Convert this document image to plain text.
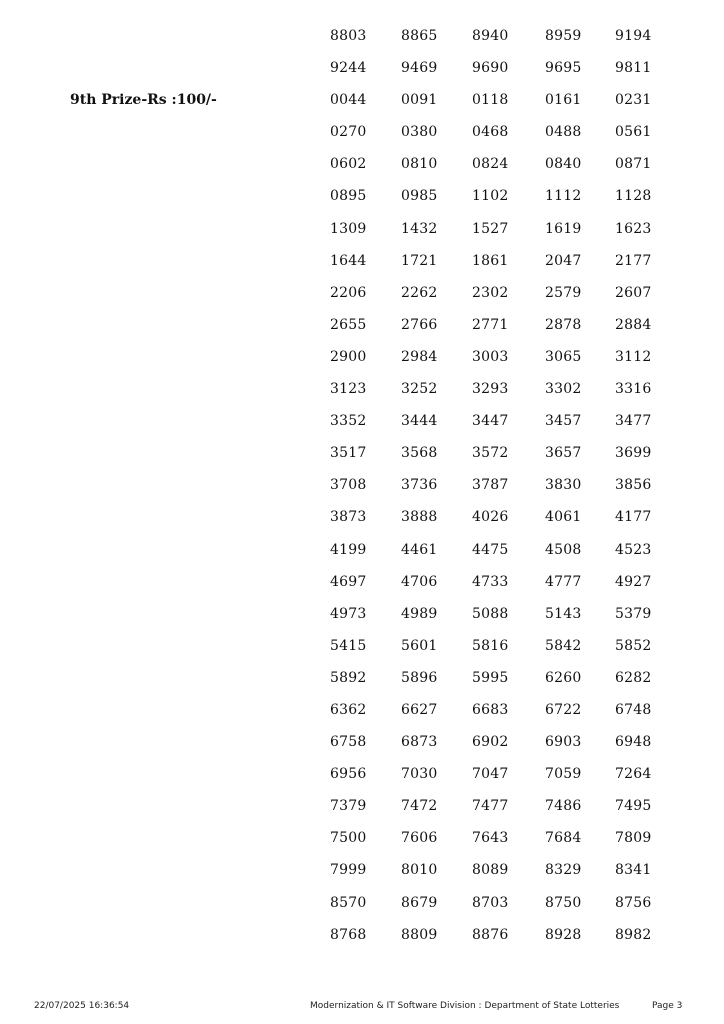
9th Prize-Rs :100/-
8803 8865 8940	8959 9194
9244 9469 9690	9695 9811
0044 0091 0118	0161 0231
0270 0380 0468	0488 0561
0602 0810 0824	0840 0871
0895 0985 1102	1112 1128
1309 1432 1527	1619 1623
1644 1721 1861	2047 2177
2206 2262 2302	2579 2607
2655 2766 2771	2878 2884
2900 2984 3003	3065 3112
3123 3252 3293	3302 3316
3352 3444 3447	3457 3477
3517 3568 3572	3657 3699
3708 3736 3787	3830 3856
3873 3888 4026	4061 4177
4199 4461 4475	4508 4523
4697 4706 4733	4777 4927
4973 4989 5088	5143 5379
5415 5601 5816	5842 5852
5892 5896 5995	6260 6282
6362 6627 6683	6722 6748
6758 6873 6902	6903 6948
6956 7030 7047	7059 7264
7379 7472 7477	7486 7495
7500 7606 7643	7684 7809
7999 8010 8089	8329 8341
8570 8679 8703	8750 8756
8768 8809 8876	8928 8982
22/07/2025 16:36:54	Modernization & IT Software Division : Department of State Lotteries	Page 3
